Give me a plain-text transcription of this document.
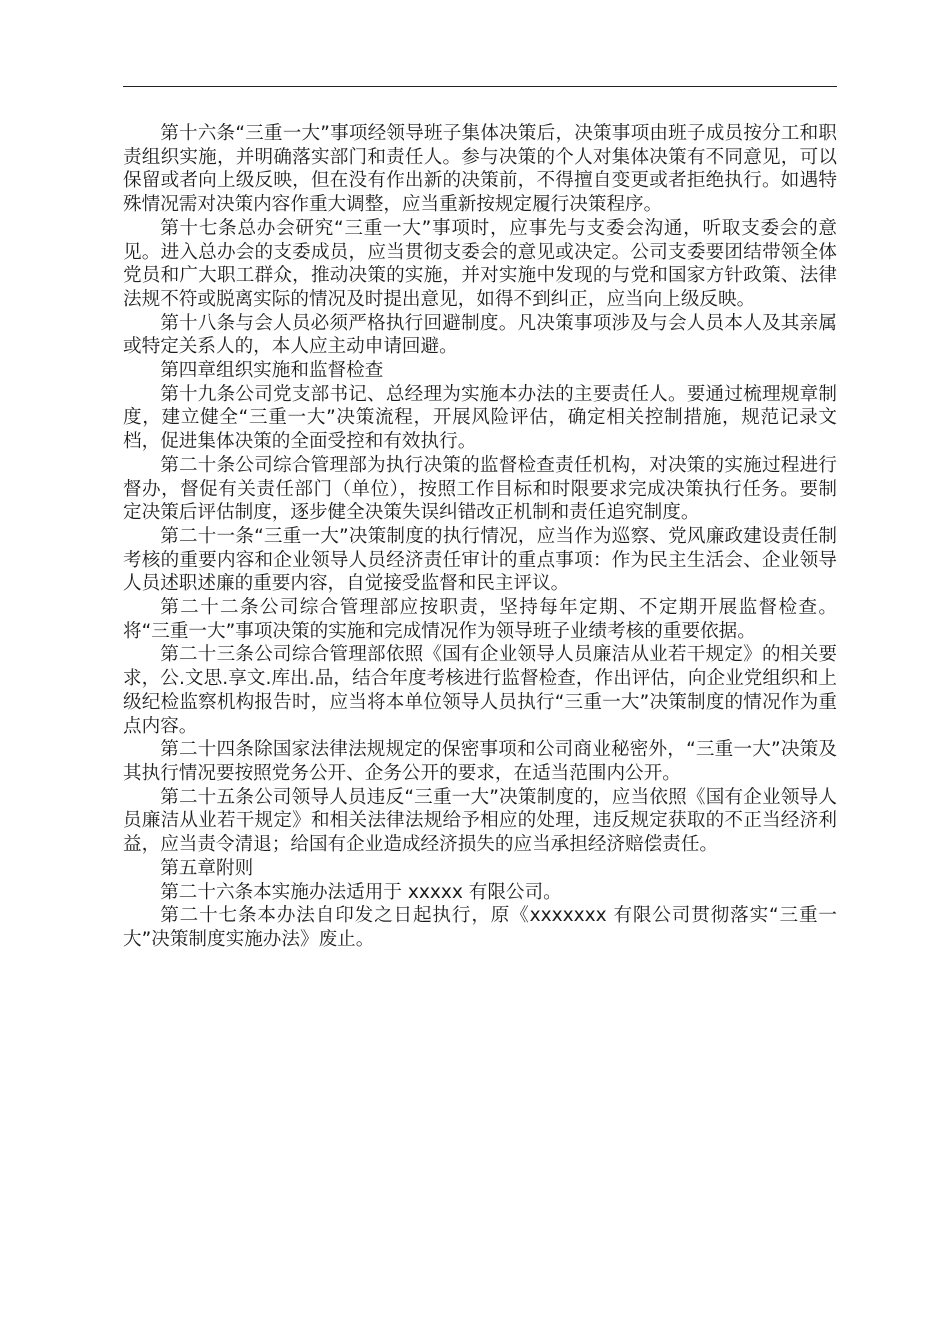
第十六条“三重一大”事项经领导班子集体决策后，决策事项由班子成员按分工和职责组织实施，并明确落实部门和责任人。参与决策的个人对集体决策有不同意见，可以保留或者向上级反映，但在没有作出新的决策前，不得擅自变更或者拒绝执行。如遇特殊情况需对决策内容作重大调整，应当重新按规定履行决策程序。

第十七条总办会研究“三重一大”事项时，应事先与支委会沟通，听取支委会的意见。进入总办会的支委成员，应当贯彻支委会的意见或决定。公司支委要团结带领全体党员和广大职工群众，推动决策的实施，并对实施中发现的与党和国家方针政策、法律法规不符或脱离实际的情况及时提出意见，如得不到纠正，应当向上级反映。

第十八条与会人员必须严格执行回避制度。凡决策事项涉及与会人员本人及其亲属或特定关系人的，本人应主动申请回避。

第四章组织实施和监督检查

第十九条公司党支部书记、总经理为实施本办法的主要责任人。要通过梳理规章制度，建立健全“三重一大”决策流程，开展风险评估，确定相关控制措施，规范记录文档，促进集体决策的全面受控和有效执行。

第二十条公司综合管理部为执行决策的监督检查责任机构，对决策的实施过程进行督办，督促有关责任部门（单位），按照工作目标和时限要求完成决策执行任务。要制定决策后评估制度，逐步健全决策失误纠错改正机制和责任追究制度。

第二十一条“三重一大”决策制度的执行情况，应当作为巡察、党风廉政建设责任制考核的重要内容和企业领导人员经济责任审计的重点事项：作为民主生活会、企业领导人员述职述廉的重要内容，自觉接受监督和民主评议。

第二十二条公司综合管理部应按职责，坚持每年定期、不定期开展监督检查。将“三重一大”事项决策的实施和完成情况作为领导班子业绩考核的重要依据。

第二十三条公司综合管理部依照《国有企业领导人员廉洁从业若干规定》的相关要求，公.文思.享文.库出.品，结合年度考核进行监督检查，作出评估，向企业党组织和上级纪检监察机构报告时，应当将本单位领导人员执行“三重一大”决策制度的情况作为重点内容。

第二十四条除国家法律法规规定的保密事项和公司商业秘密外，“三重一大”决策及其执行情况要按照党务公开、企务公开的要求，在适当范围内公开。

第二十五条公司领导人员违反“三重一大”决策制度的，应当依照《国有企业领导人员廉洁从业若干规定》和相关法律法规给予相应的处理，违反规定获取的不正当经济利益，应当责令清退；给国有企业造成经济损失的应当承担经济赔偿责任。

第五章附则

第二十六条本实施办法适用于 xxxxx 有限公司。

第二十七条本办法自印发之日起执行，原《xxxxxxx 有限公司贯彻落实“三重一大”决策制度实施办法》废止。
